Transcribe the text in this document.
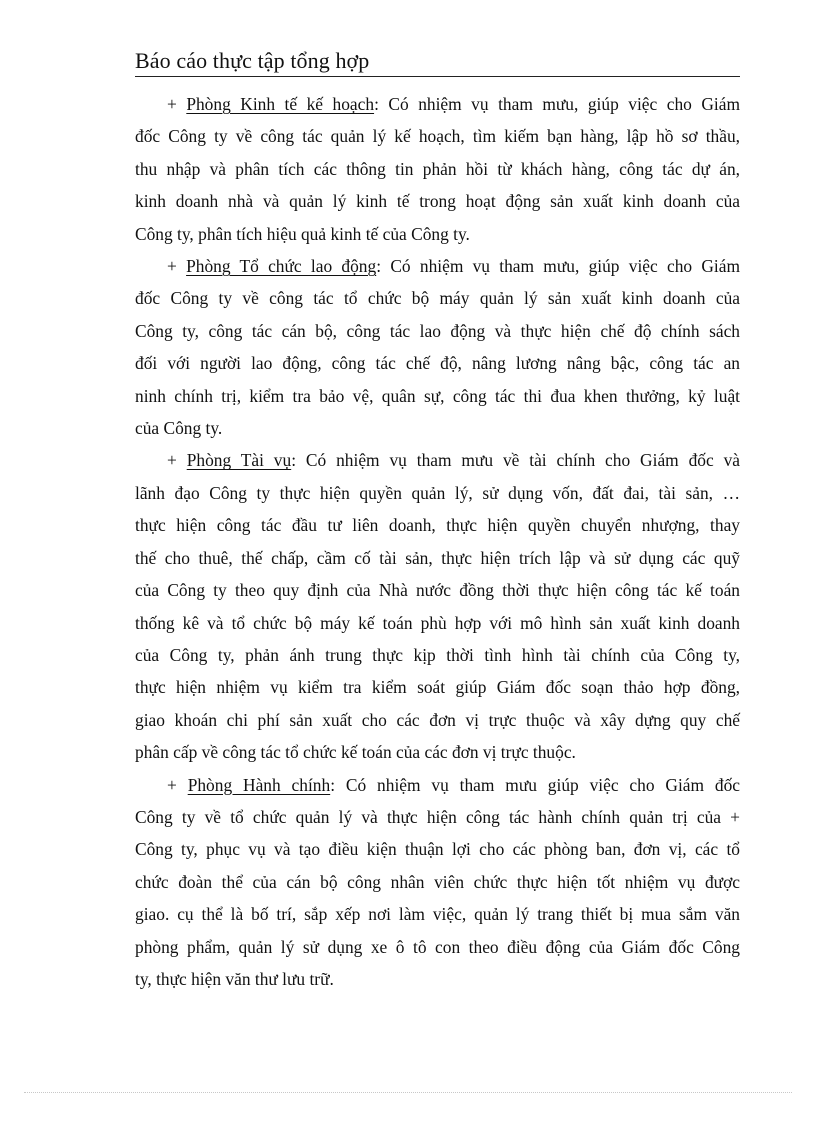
Báo cáo thực tập tổng hợp
+ Phòng Kinh tế kế hoạch: Có nhiệm vụ tham mưu, giúp việc cho Giám
đốc Công ty về công tác quản lý kế hoạch, tìm kiếm bạn hàng, lập hồ sơ thầu,
thu nhập và phân tích các thông tin phản hồi từ khách hàng, công tác dự án,
kinh doanh nhà và quản lý kinh tế trong hoạt động sản xuất kinh doanh của
Công ty, phân tích hiệu quả kinh tế của Công ty.
+ Phòng Tổ chức lao động: Có nhiệm vụ tham mưu, giúp việc cho Giám
đốc Công ty về công tác tổ chức bộ máy quản lý sản xuất kinh doanh của
Công ty, công tác cán bộ, công tác lao động và thực hiện chế độ chính sách
đối với người lao động, công tác chế độ, nâng lương nâng bậc, công tác an
ninh chính trị, kiểm tra bảo vệ, quân sự, công tác thi đua khen thưởng, kỷ luật
của Công ty.
+ Phòng Tài vụ: Có nhiệm vụ tham mưu về tài chính cho Giám đốc và
lãnh đạo Công ty thực hiện quyền quản lý, sử dụng vốn, đất đai, tài sản, …
thực hiện công tác đầu tư liên doanh, thực hiện quyền chuyển nhượng, thay
thế cho thuê, thế chấp, cầm cố tài sản, thực hiện trích lập và sử dụng các quỹ
của Công ty theo quy định của Nhà nước đồng thời thực hiện công tác kế toán
thống kê và tổ chức bộ máy kế toán phù hợp với mô hình sản xuất kinh doanh
của Công ty, phản ánh trung thực kịp thời tình hình tài chính của Công ty,
thực hiện nhiệm vụ kiểm tra kiểm soát giúp Giám đốc soạn thảo hợp đồng,
giao khoán chi phí sản xuất cho các đơn vị trực thuộc và xây dựng quy chế
phân cấp về công tác tổ chức kế toán của các đơn vị trực thuộc.
+ Phòng Hành chính: Có nhiệm vụ tham mưu giúp việc cho Giám đốc
Công ty về tổ chức quản lý và thực hiện công tác hành chính quản trị của +
Công ty, phục vụ và tạo điều kiện thuận lợi cho các phòng ban, đơn vị, các tổ
chức đoàn thể của cán bộ công nhân viên chức thực hiện tốt nhiệm vụ được
giao. cụ thể là bố trí, sắp xếp nơi làm việc, quản lý trang thiết bị mua sắm văn
phòng phẩm, quản lý sử dụng xe ô tô con theo điều động của Giám đốc Công
ty, thực hiện văn thư lưu trữ.
